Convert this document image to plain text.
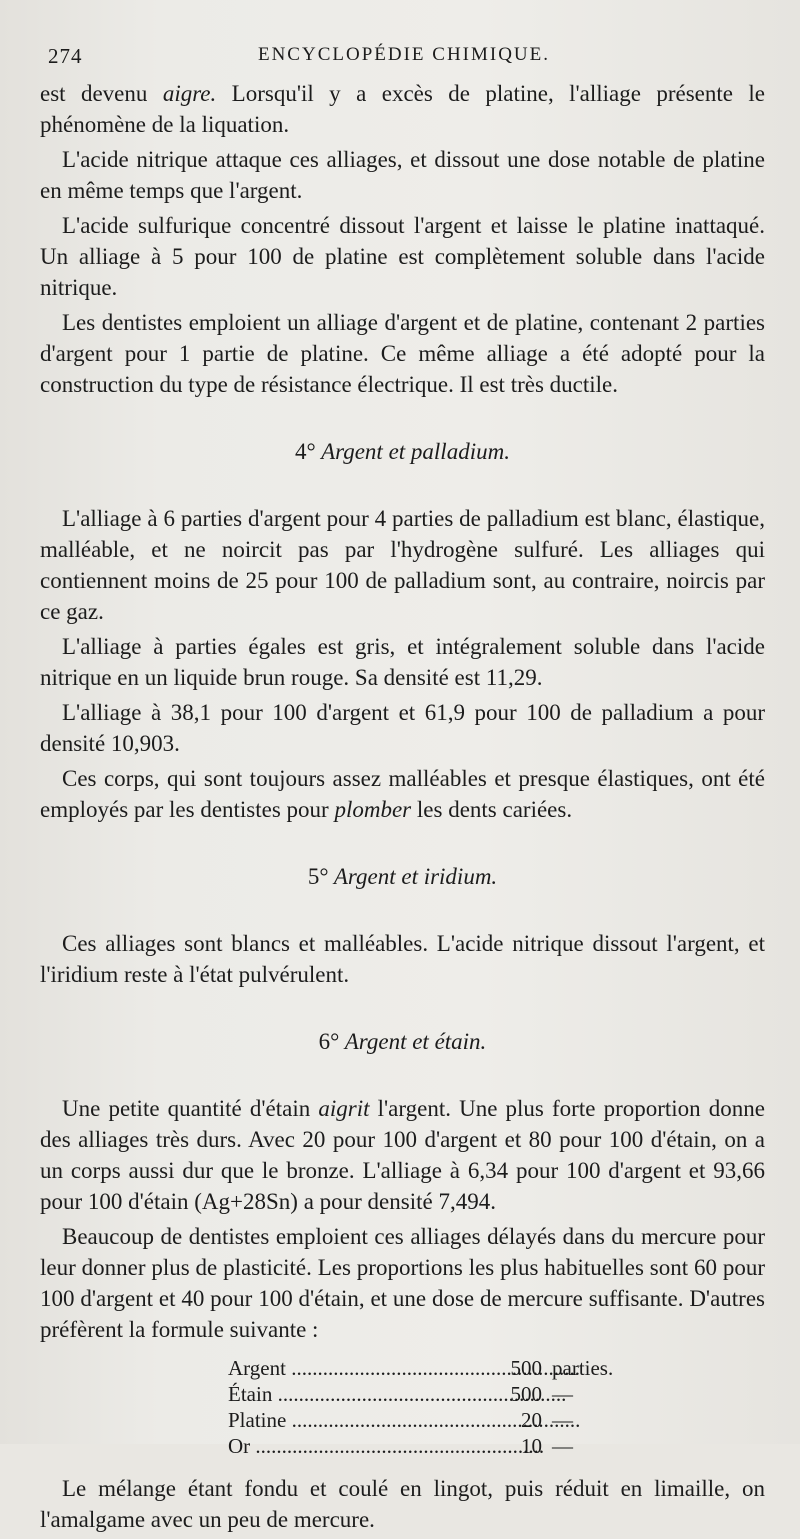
274	ENCYCLOPÉDIE CHIMIQUE.

est devenu aigre. Lorsqu'il y a excès de platine, l'alliage présente le phénomène de la liquation.

L'acide nitrique attaque ces alliages, et dissout une dose notable de platine en même temps que l'argent.

L'acide sulfurique concentré dissout l'argent et laisse le platine inattaqué. Un alliage à 5 pour 100 de platine est complètement soluble dans l'acide nitrique.

Les dentistes emploient un alliage d'argent et de platine, contenant 2 parties d'argent pour 1 partie de platine. Ce même alliage a été adopté pour la construction du type de résistance électrique. Il est très ductile.

4° Argent et palladium.

L'alliage à 6 parties d'argent pour 4 parties de palladium est blanc, élastique, malléable, et ne noircit pas par l'hydrogène sulfuré. Les alliages qui contiennent moins de 25 pour 100 de palladium sont, au contraire, noircis par ce gaz.

L'alliage à parties égales est gris, et intégralement soluble dans l'acide nitrique en un liquide brun rouge. Sa densité est 11,29.

L'alliage à 38,1 pour 100 d'argent et 61,9 pour 100 de palladium a pour densité 10,903.

Ces corps, qui sont toujours assez malléables et presque élastiques, ont été employés par les dentistes pour plomber les dents cariées.

5° Argent et iridium.

Ces alliages sont blancs et malléables. L'acide nitrique dissout l'argent, et l'iridium reste à l'état pulvérulent.

6° Argent et étain.

Une petite quantité d'étain aigrit l'argent. Une plus forte proportion donne des alliages très durs. Avec 20 pour 100 d'argent et 80 pour 100 d'étain, on a un corps aussi dur que le bronze. L'alliage à 6,34 pour 100 d'argent et 93,66 pour 100 d'étain (Ag+28Sn) a pour densité 7,494.

Beaucoup de dentistes emploient ces alliages délayés dans du mercure pour leur donner plus de plasticité. Les proportions les plus habituelles sont 60 pour 100 d'argent et 40 pour 100 d'étain, et une dose de mercure suffisante. D'autres préfèrent la formule suivante :

Argent .....	500 parties.
Étain .....	500 —
Platine .....	20 —
Or .....	10 —

Le mélange étant fondu et coulé en lingot, puis réduit en limaille, on l'amalgame avec un peu de mercure.
